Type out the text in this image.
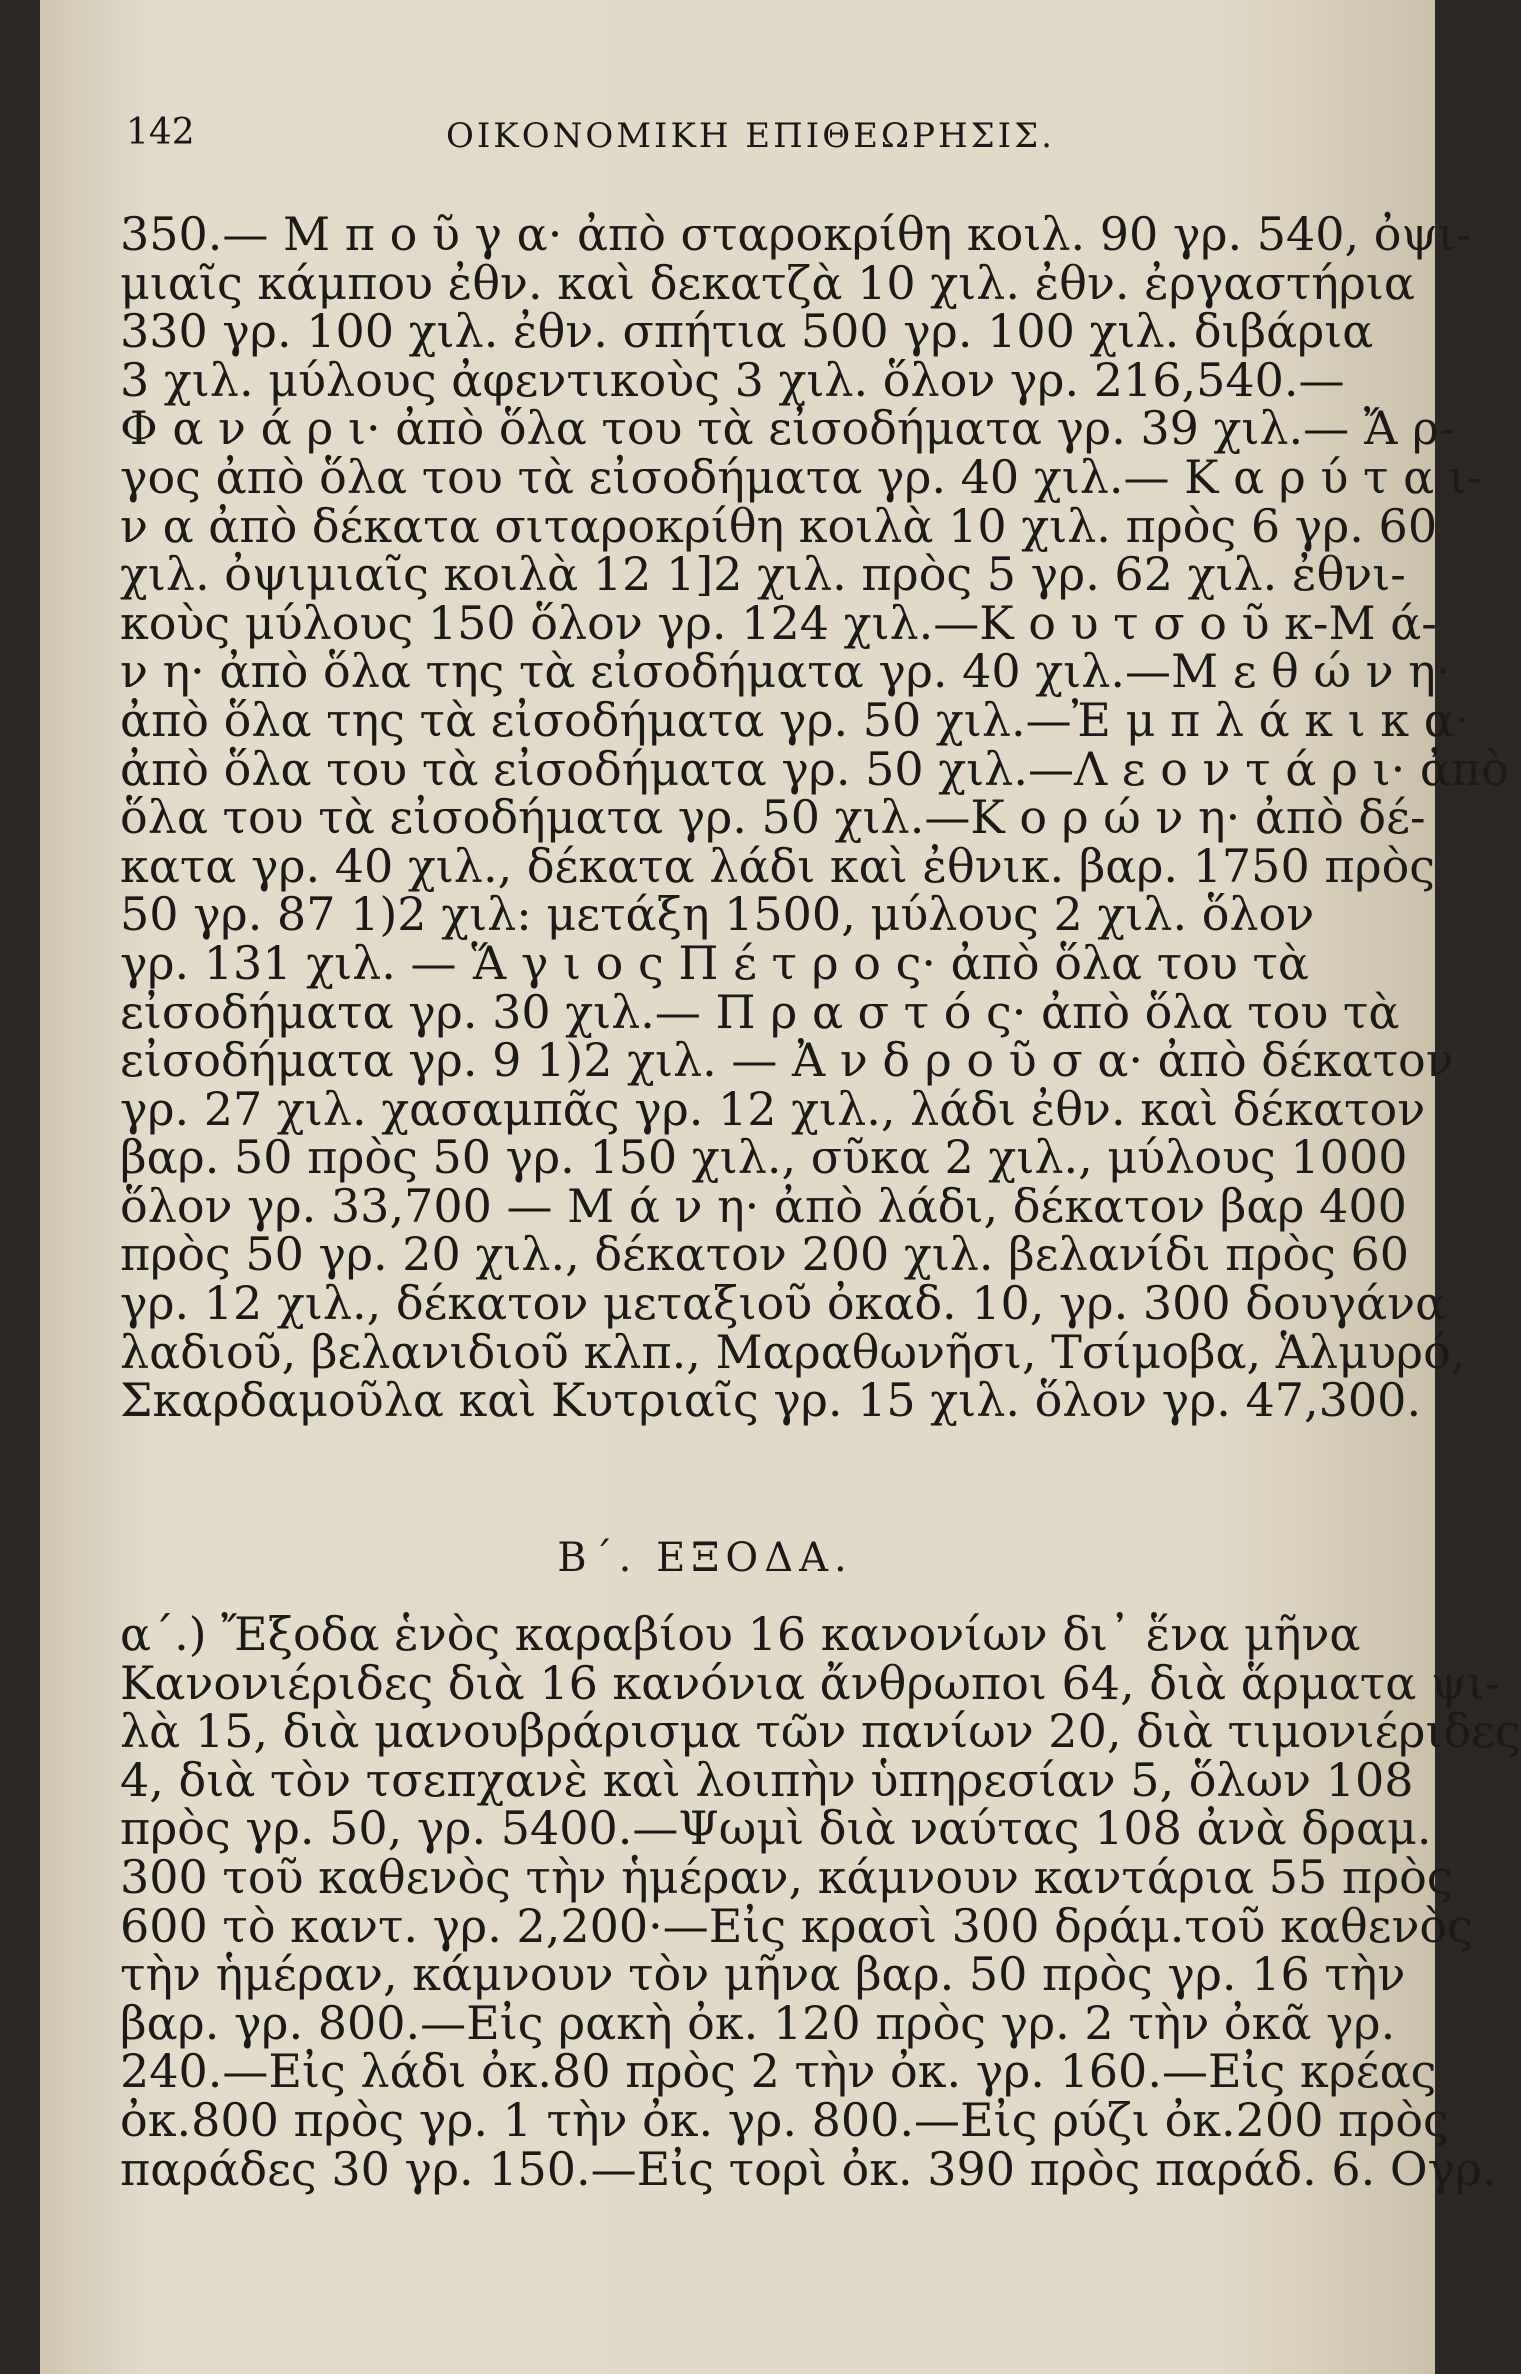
142	ΟΙΚΟΝΟΜΙΚΗ ΕΠΙΘΕΩΡΗΣΙΣ.
350.— Μ π ο ῦ γ α· ἀπὸ σταροκρίθη κοιλ. 90 γρ. 540, ὀψι-
μιαῖς κάμπου ἐθν. καὶ δεκατζὰ 10 χιλ. ἐθν. ἐργαστήρια
330 γρ. 100 χιλ. ἐθν. σπήτια 500 γρ. 100 χιλ. διβάρια
3 χιλ. μύλους ἀφεντικοὺς 3 χιλ. ὅλον γρ. 216,540.—
Φ α ν ά ρ ι· ἀπὸ ὅλα του τὰ εἰσοδήματα γρ. 39 χιλ.— Ἄ ρ-
γος ἀπὸ ὅλα του τὰ εἰσοδήματα γρ. 40 χιλ.— Κ α ρ ύ τ α ι-
ν α ἀπὸ δέκατα σιταροκρίθη κοιλὰ 10 χιλ. πρὸς 6 γρ. 60
χιλ. ὀψιμιαῖς κοιλὰ 12 1]2 χιλ. πρὸς 5 γρ. 62 χιλ. ἐθνι-
κοὺς μύλους 150 ὅλον γρ. 124 χιλ.—Κ ο υ τ σ ο ῦ κ-Μ ά-
ν η· ἀπὸ ὅλα της τὰ εἰσοδήματα γρ. 40 χιλ.—Μ ε θ ώ ν η·
ἀπὸ ὅλα της τὰ εἰσοδήματα γρ. 50 χιλ.—Ἐ μ π λ ά κ ι κ α·
ἀπὸ ὅλα του τὰ εἰσοδήματα γρ. 50 χιλ.—Λ ε ο ν τ ά ρ ι· ἀπὸ
ὅλα του τὰ εἰσοδήματα γρ. 50 χιλ.—Κ ο ρ ώ ν η· ἀπὸ δέ-
κατα γρ. 40 χιλ., δέκατα λάδι καὶ ἐθνικ. βαρ. 1750 πρὸς
50 γρ. 87 1)2 χιλ: μετάξη 1500, μύλους 2 χιλ. ὅλον
γρ. 131 χιλ. — Ἅ γ ι ο ς Π έ τ ρ ο ς· ἀπὸ ὅλα του τὰ
εἰσοδήματα γρ. 30 χιλ.— Π ρ α σ τ ό ς· ἀπὸ ὅλα του τὰ
εἰσοδήματα γρ. 9 1)2 χιλ. — Ἀ ν δ ρ ο ῦ σ α· ἀπὸ δέκατον
γρ. 27 χιλ. χασαμπᾶς γρ. 12 χιλ., λάδι ἐθν. καὶ δέκατον
βαρ. 50 πρὸς 50 γρ. 150 χιλ., σῦκα 2 χιλ., μύλους 1000
ὅλον γρ. 33,700 — Μ ά ν η· ἀπὸ λάδι, δέκατον βαρ 400
πρὸς 50 γρ. 20 χιλ., δέκατον 200 χιλ. βελανίδι πρὸς 60
γρ. 12 χιλ., δέκατον μεταξιοῦ ὀκαδ. 10, γρ. 300 δουγάνα
λαδιοῦ, βελανιδιοῦ κλπ., Μαραθωνῆσι, Τσίμοβα, Ἁλμυρό,
Σκαρδαμοῦλα καὶ Κυτριαῖς γρ. 15 χιλ. ὅλον γρ. 47,300.
Β΄. ΕΞΟΔΑ.
α΄.) Ἔξοδα ἑνὸς καραβίου 16 κανονίων δι᾿ ἕνα μῆνα
Κανονιέριδες διὰ 16 κανόνια ἄνθρωποι 64, διὰ ἅρματα ψι-
λὰ 15, διὰ μανουβράρισμα τῶν πανίων 20, διὰ τιμονιέριδες
4, διὰ τὸν τσεπχανὲ καὶ λοιπὴν ὑπηρεσίαν 5, ὅλων 108
πρὸς γρ. 50, γρ. 5400.—Ψωμὶ διὰ ναύτας 108 ἀνὰ δραμ.
300 τοῦ καθενὸς τὴν ἡμέραν, κάμνουν καντάρια 55 πρὸς
600 τὸ καντ. γρ. 2,200·—Εἰς κρασὶ 300 δράμ.τοῦ καθενὸς
τὴν ἡμέραν, κάμνουν τὸν μῆνα βαρ. 50 πρὸς γρ. 16 τὴν
βαρ. γρ. 800.—Εἰς ρακὴ ὀκ. 120 πρὸς γρ. 2 τὴν ὀκᾶ γρ.
240.—Εἰς λάδι ὀκ.80 πρὸς 2 τὴν ὀκ. γρ. 160.—Εἰς κρέας
ὀκ.800 πρὸς γρ. 1 τὴν ὀκ. γρ. 800.—Εἰς ρύζι ὀκ.200 πρὸς
παράδες 30 γρ. 150.—Εἰς τορὶ ὀκ. 390 πρὸς παράδ. 6. Ογρ.
